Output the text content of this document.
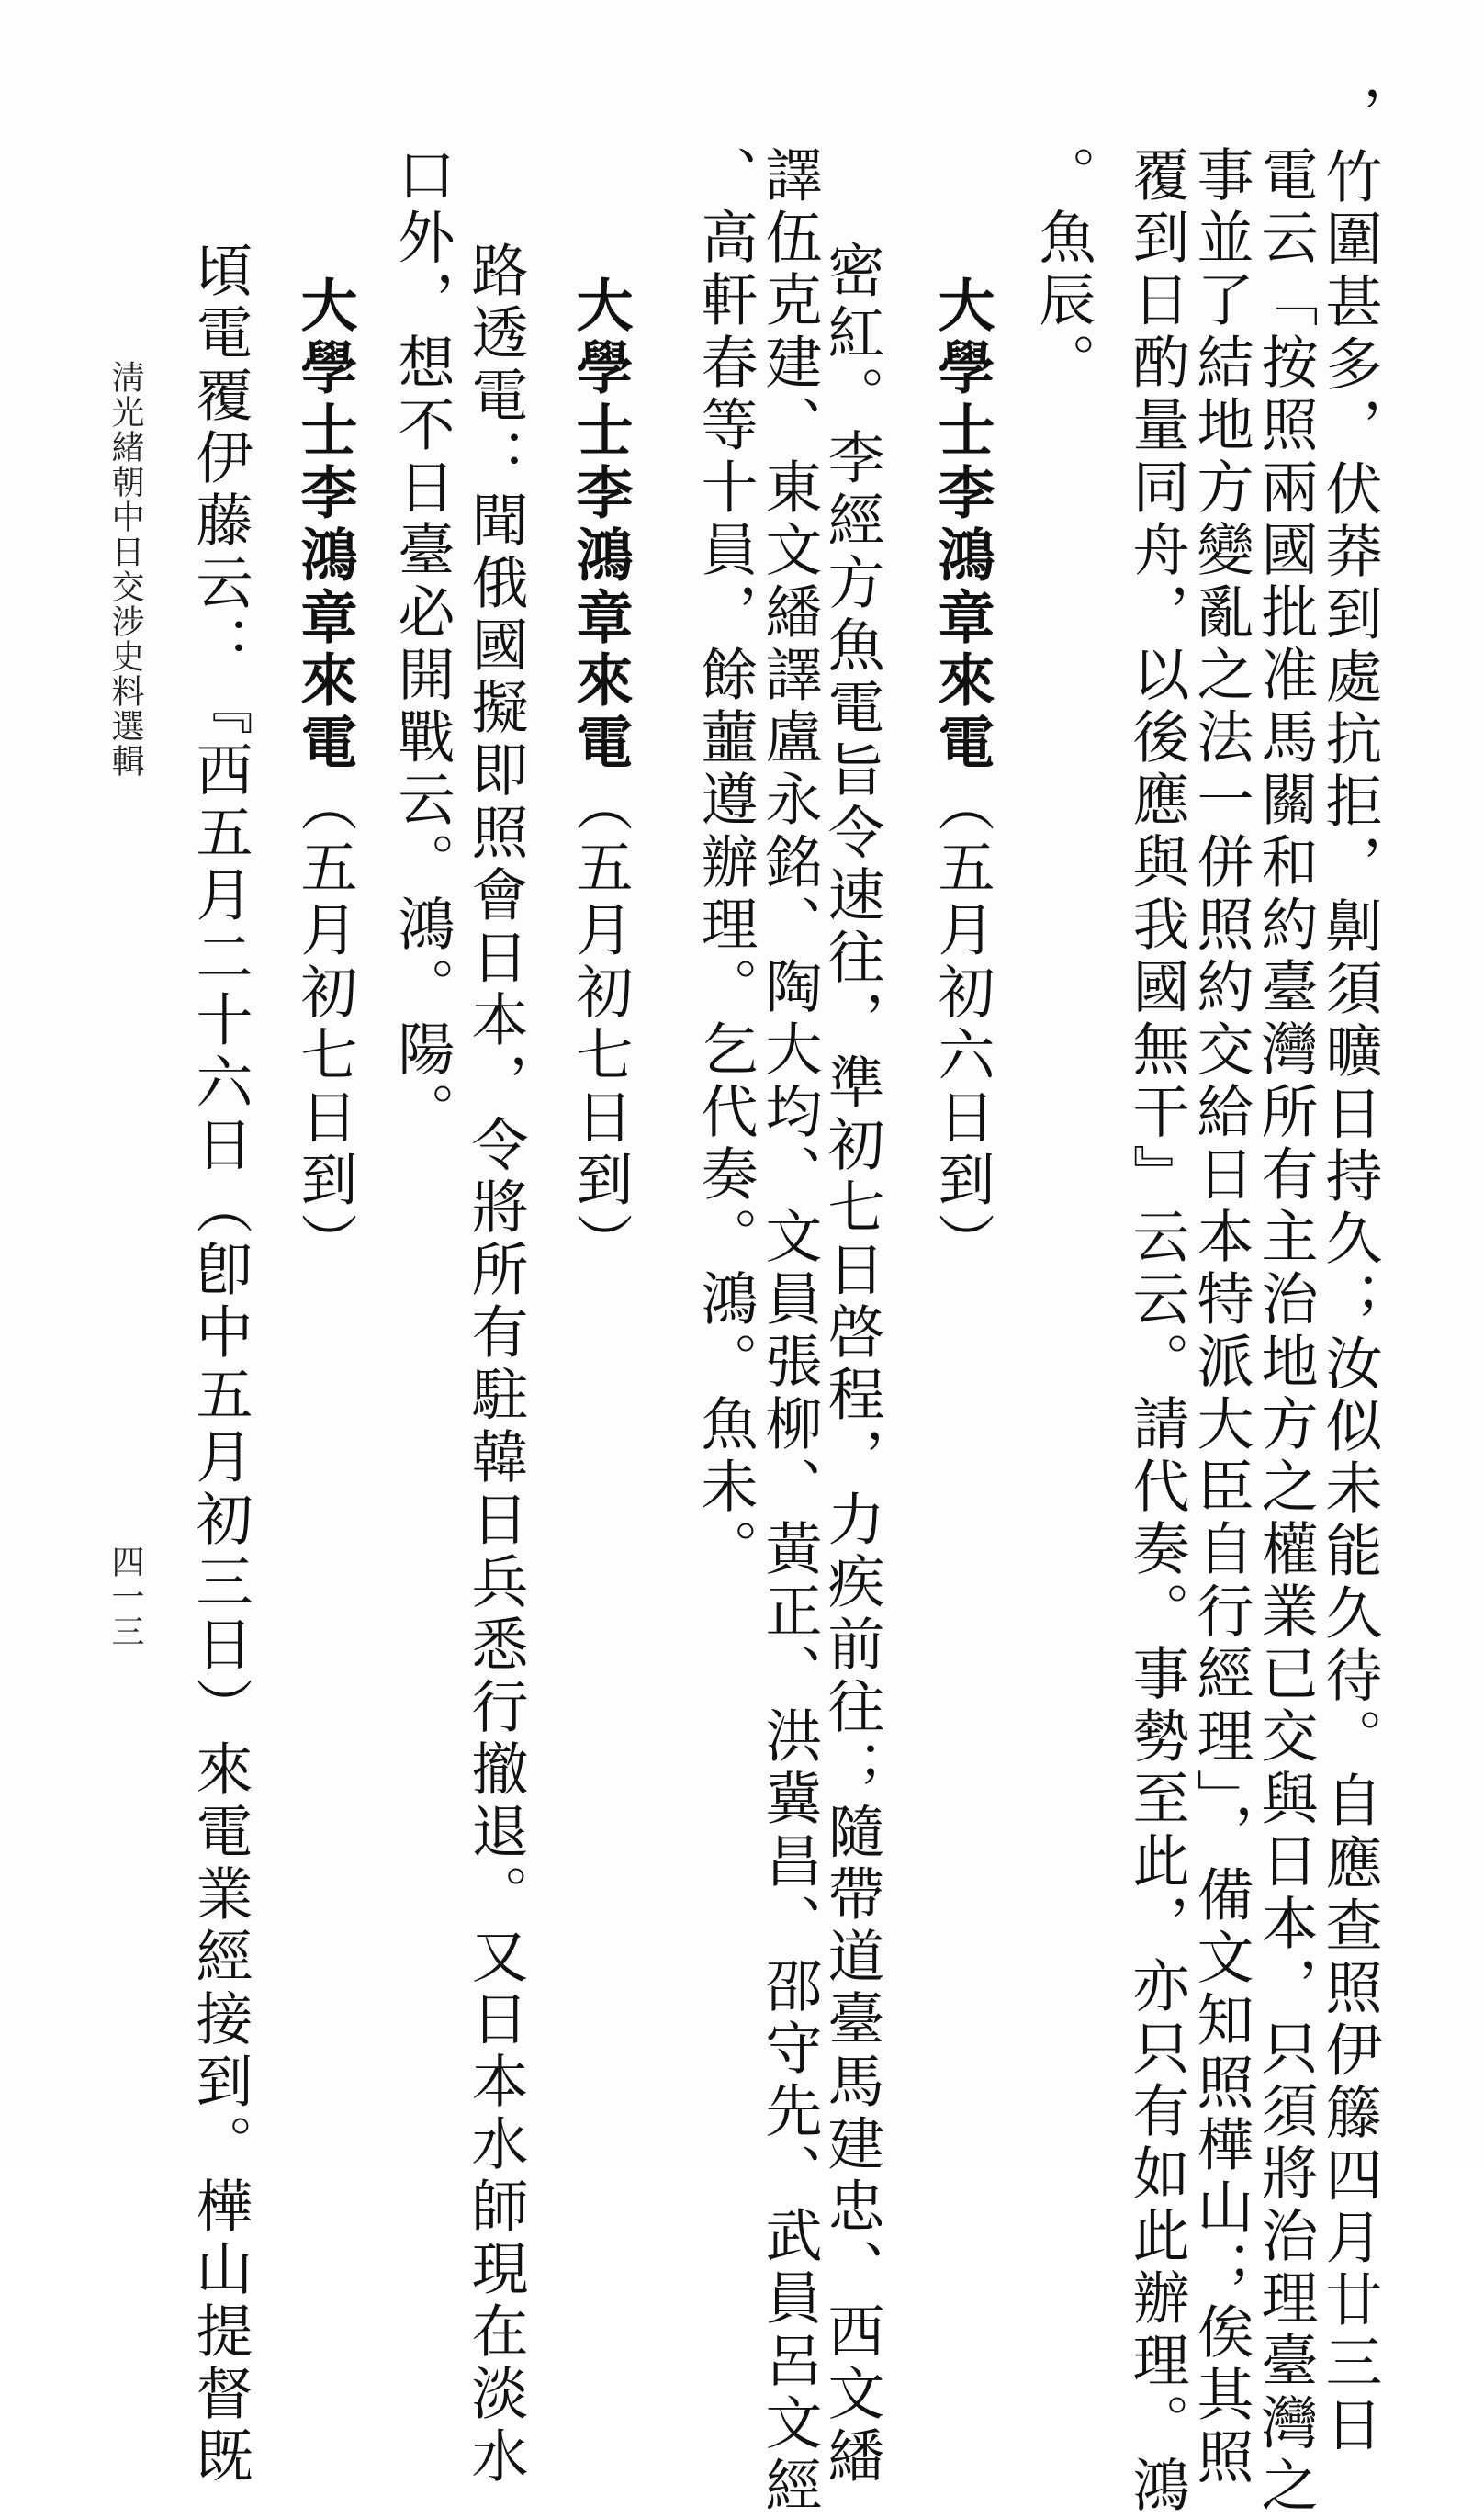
，竹圍甚多，伏莽到處抗拒，劓須曠日持久；汝似未能久待。自應查照伊籐四月廿三日
電云「按照兩國批准馬關和約臺灣所有主治地方之權業已交與日本，只須將治理臺灣之
事並了結地方變亂之法一併照約交給日本特派大臣自行經理」，備文知照樺山；俟其照
覆到日酌量同舟，以後應與我國無干』云云。請代奏。事勢至此，亦只有如此辦理。鴻
。魚辰。
大學士李鴻章來電（五月初六日到）
密紅。李經方魚電旨令速往，準初七日啓程，力疾前往；隨帶道臺馬建忠、西文繙
譯伍克建、東文繙譯盧永銘、陶大均、文員張柳、黃正、洪冀昌、邵守先、武員呂文經
、高軒春等十員，餘蘁遵辦理。乞代奏。鴻。魚未。
大學士李鴻章來電（五月初七日到）
路透電：聞俄國擬即照會日本，令將所有駐韓日兵悉行撤退。又日本水師現在淡水
口外，想不日臺必開戰云。鴻。陽。
大學士李鴻章來電（五月初七日到）
頃電覆伊藤云：『西五月二十六日（卽中五月初三日）來電業經接到。樺山提督既
淸光緒朝中日交涉史料選輯
四一三
